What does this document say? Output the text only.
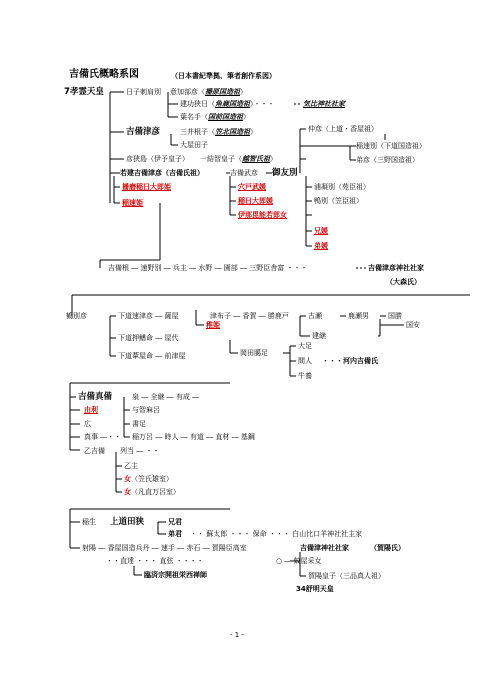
吉備氏概略系図	（日本書紀準拠、筆者創作系図）
7孝霊天皇	日子刺肩別 意加部彦（播原国造祖）
建功狭日（角鹿国造祖）・・・	気比神社社家
葉名手（国前国造祖）
吉備津彦	三井根子（笠北国造祖）
大屋田子
彦狭島（伊予皇子） 一結智皇子（越智氏祖）
若建吉備津彦（吉備氏祖）	吉備武彦 御友別
仲彦（上道・香屋祖）
稲速別（下道国造祖）
弟彦（三野国造祖）
播磨稲日大郎姫
稲速姫
穴戸武媛
稲日大郎媛
伊那毘能若郎女
浦凝別（苑臣祖）
鴨別（笠臣祖）
兄媛
弟媛
吉備根 ― 速野別 ― 兵主 ― 水野 ― 園部 ― 三野臣舎富 ・・・	吉備津彦神社社家
（大森氏）
鶴別彦	下道速津彦 ― 薩屋	津布子 ― 香賀 ― 勝鹿戸	古瀬	鹿瀬男	国勝
国安
建継
下道押鰭命 ― 屋代
稚姫
大足
岡田臈足
間人 ・・・河内吉備氏
牛養
下道葦屋命 ― 前津屋
吉備真備	泉 ― 全継 ― 有成 ―
与智麻呂
由利
書足
広
真事 ―・・ 稲万呂 ― 時人 ― 有道 ― 直材 ― 基鋼
乙吉備 列当 ― ・・
乙主
女（笠氏雄室）
女（凡直万呂室）
稲生 上道田狭	兄君
弟君 ・・ 蘇太郎 ・・・ 保命 ・・・ 白山比口羊神社社主家
射陽 ― 香屋国造兵丹 ― 速手 ― 赤石 ― 賀陽臣高室	吉備津神社社家	（賀陽氏）
・・直達 ・・・ 直弦 ・・・・	○ ― 蚊屋采女
臨済宗開祖栄西禅師	賀陽皇子（三品真人祖）
34舒明天皇
- 1 -
